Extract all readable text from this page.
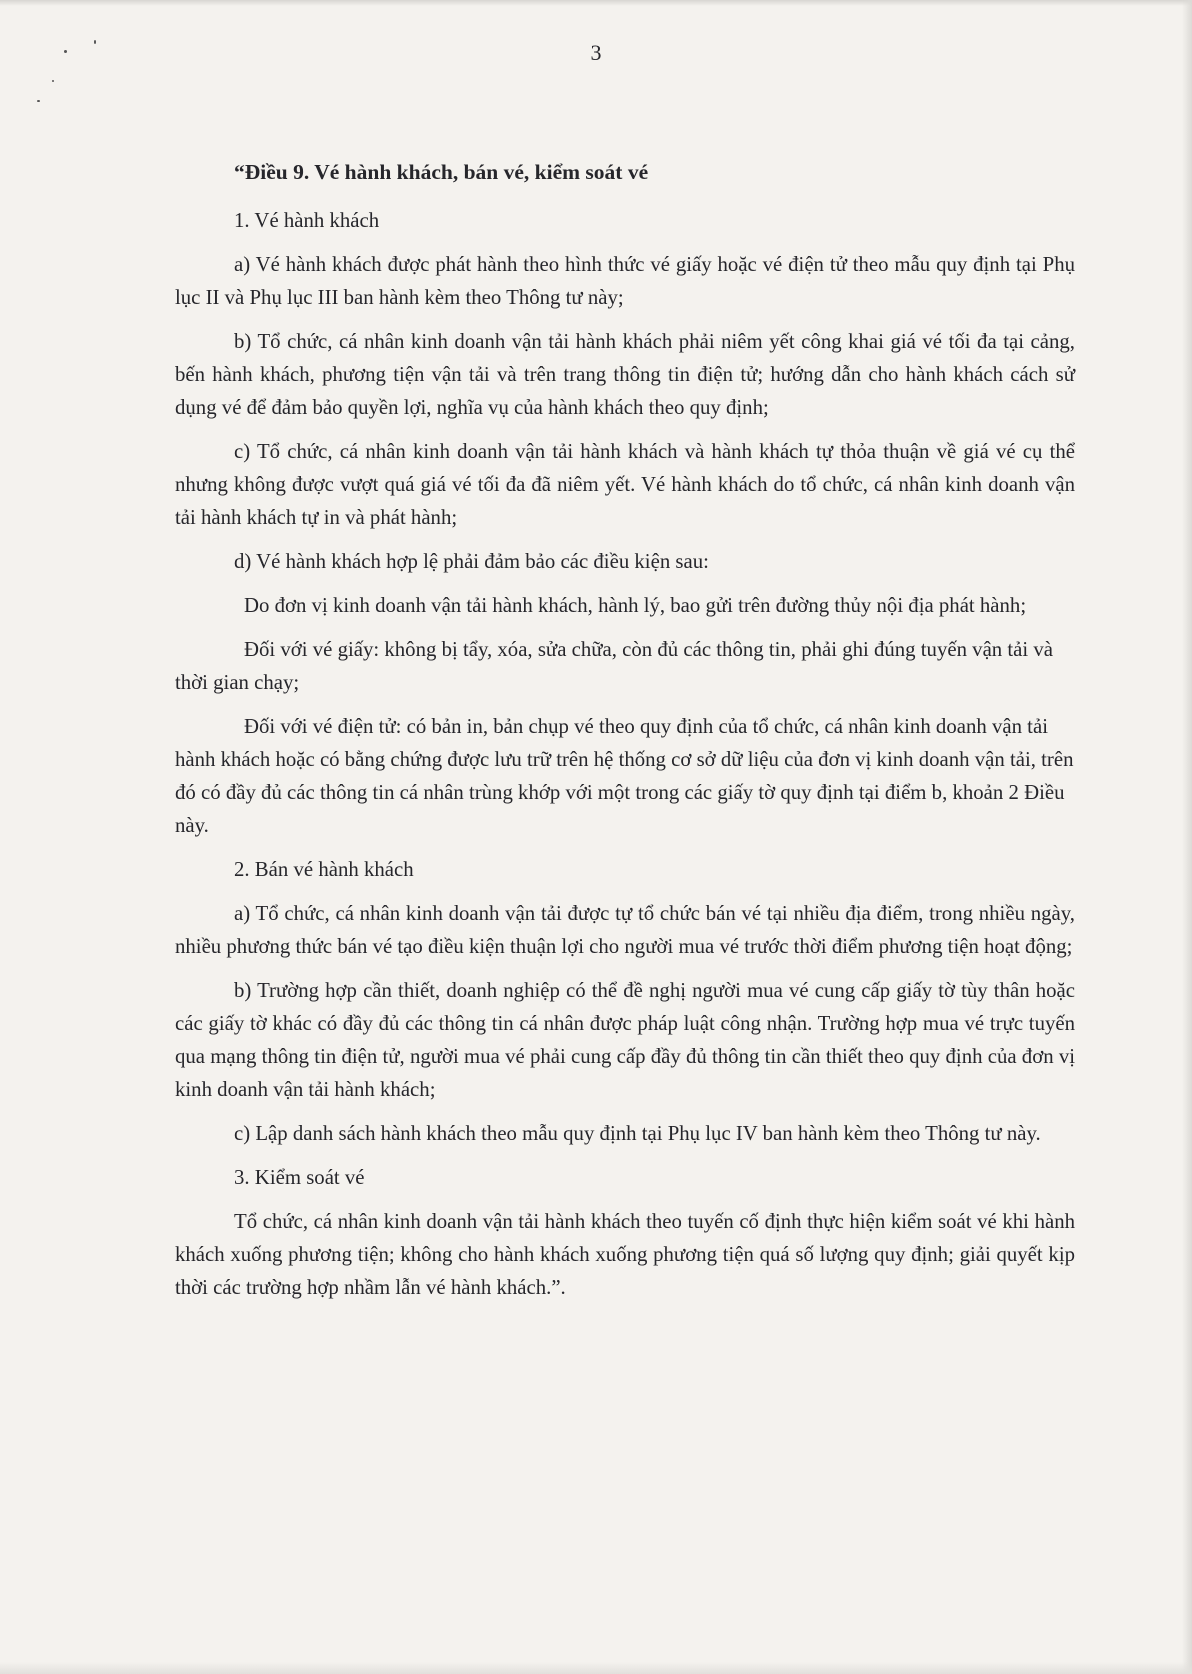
3
“Điều 9. Vé hành khách, bán vé, kiểm soát vé
1. Vé hành khách
a) Vé hành khách được phát hành theo hình thức vé giấy hoặc vé điện tử theo mẫu quy định tại Phụ lục II và Phụ lục III ban hành kèm theo Thông tư này;
b) Tổ chức, cá nhân kinh doanh vận tải hành khách phải niêm yết công khai giá vé tối đa tại cảng, bến hành khách, phương tiện vận tải và trên trang thông tin điện tử; hướng dẫn cho hành khách cách sử dụng vé để đảm bảo quyền lợi, nghĩa vụ của hành khách theo quy định;
c) Tổ chức, cá nhân kinh doanh vận tải hành khách và hành khách tự thỏa thuận về giá vé cụ thể nhưng không được vượt quá giá vé tối đa đã niêm yết. Vé hành khách do tổ chức, cá nhân kinh doanh vận tải hành khách tự in và phát hành;
d) Vé hành khách hợp lệ phải đảm bảo các điều kiện sau:
Do đơn vị kinh doanh vận tải hành khách, hành lý, bao gửi trên đường thủy nội địa phát hành;
Đối với vé giấy: không bị tẩy, xóa, sửa chữa, còn đủ các thông tin, phải ghi đúng tuyến vận tải và thời gian chạy;
Đối với vé điện tử: có bản in, bản chụp vé theo quy định của tổ chức, cá nhân kinh doanh vận tải hành khách hoặc có bằng chứng được lưu trữ trên hệ thống cơ sở dữ liệu của đơn vị kinh doanh vận tải, trên đó có đầy đủ các thông tin cá nhân trùng khớp với một trong các giấy tờ quy định tại điểm b, khoản 2 Điều này.
2. Bán vé hành khách
a) Tổ chức, cá nhân kinh doanh vận tải được tự tổ chức bán vé tại nhiều địa điểm, trong nhiều ngày, nhiều phương thức bán vé tạo điều kiện thuận lợi cho người mua vé trước thời điểm phương tiện hoạt động;
b) Trường hợp cần thiết, doanh nghiệp có thể đề nghị người mua vé cung cấp giấy tờ tùy thân hoặc các giấy tờ khác có đầy đủ các thông tin cá nhân được pháp luật công nhận. Trường hợp mua vé trực tuyến qua mạng thông tin điện tử, người mua vé phải cung cấp đầy đủ thông tin cần thiết theo quy định của đơn vị kinh doanh vận tải hành khách;
c) Lập danh sách hành khách theo mẫu quy định tại Phụ lục IV ban hành kèm theo Thông tư này.
3. Kiểm soát vé
Tổ chức, cá nhân kinh doanh vận tải hành khách theo tuyến cố định thực hiện kiểm soát vé khi hành khách xuống phương tiện; không cho hành khách xuống phương tiện quá số lượng quy định; giải quyết kịp thời các trường hợp nhầm lẫn vé hành khách.”.
